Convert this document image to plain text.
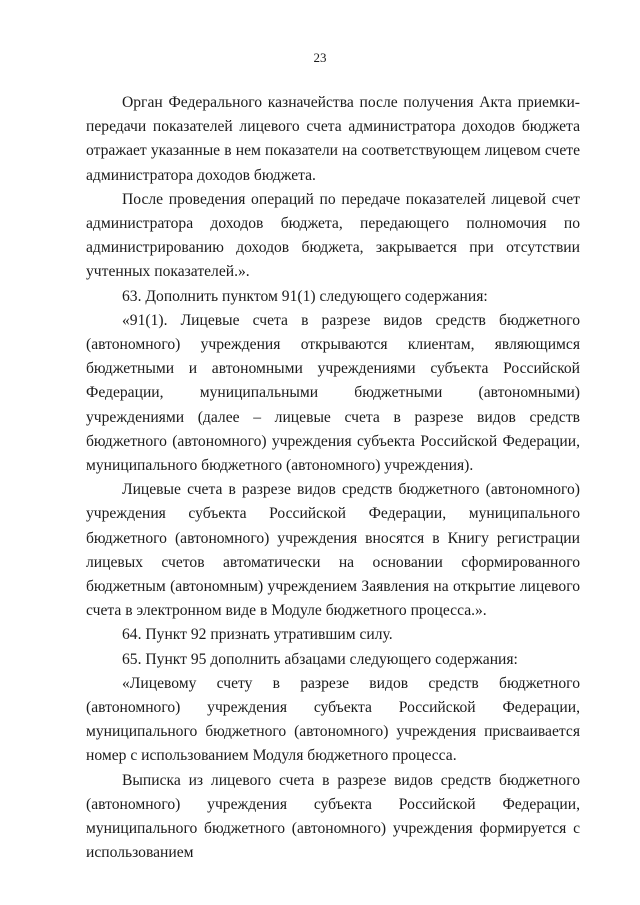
23

Орган Федерального казначейства после получения Акта приемки-передачи показателей лицевого счета администратора доходов бюджета отражает указанные в нем показатели на соответствующем лицевом счете администратора доходов бюджета.

После проведения операций по передаче показателей лицевой счет администратора доходов бюджета, передающего полномочия по администрированию доходов бюджета, закрывается при отсутствии учтенных показателей.».

63. Дополнить пунктом 91(1) следующего содержания:

«91(1). Лицевые счета в разрезе видов средств бюджетного (автономного) учреждения открываются клиентам, являющимся бюджетными и автономными учреждениями субъекта Российской Федерации, муниципальными бюджетными (автономными) учреждениями (далее – лицевые счета в разрезе видов средств бюджетного (автономного) учреждения субъекта Российской Федерации, муниципального бюджетного (автономного) учреждения).

Лицевые счета в разрезе видов средств бюджетного (автономного) учреждения субъекта Российской Федерации, муниципального бюджетного (автономного) учреждения вносятся в Книгу регистрации лицевых счетов автоматически на основании сформированного бюджетным (автономным) учреждением Заявления на открытие лицевого счета в электронном виде в Модуле бюджетного процесса.».

64. Пункт 92 признать утратившим силу.

65. Пункт 95 дополнить абзацами следующего содержания:

«Лицевому счету в разрезе видов средств бюджетного (автономного) учреждения субъекта Российской Федерации, муниципального бюджетного (автономного) учреждения присваивается номер с использованием Модуля бюджетного процесса.

Выписка из лицевого счета в разрезе видов средств бюджетного (автономного) учреждения субъекта Российской Федерации, муниципального бюджетного (автономного) учреждения формируется с использованием
